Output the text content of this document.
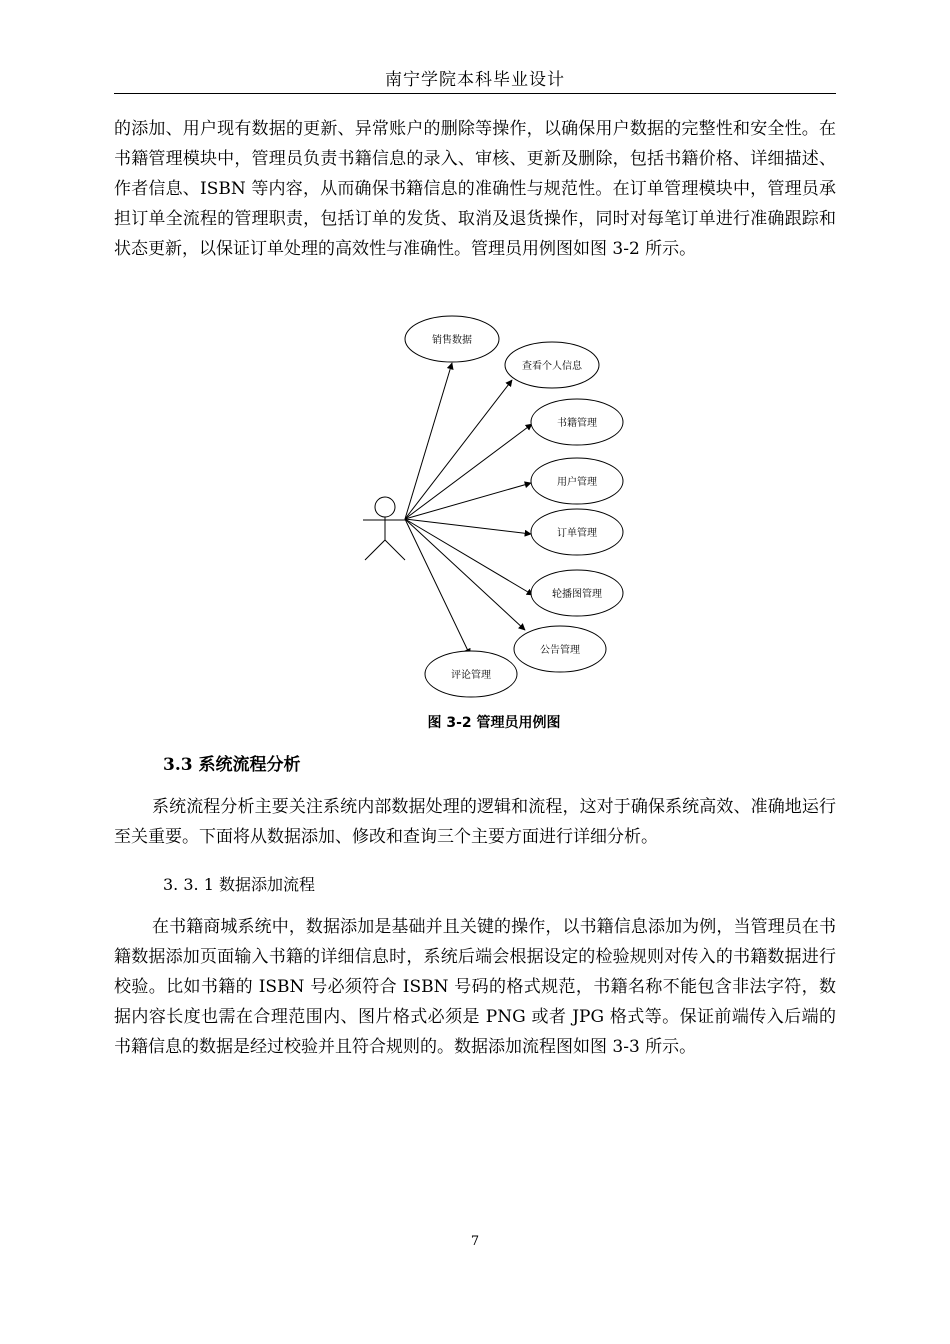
南宁学院本科毕业设计

的添加、用户现有数据的更新、异常账户的删除等操作，以确保用户数据的完整性和安全性。在书籍管理模块中，管理员负责书籍信息的录入、审核、更新及删除，包括书籍价格、详细描述、作者信息、ISBN 等内容，从而确保书籍信息的准确性与规范性。在订单管理模块中，管理员承担订单全流程的管理职责，包括订单的发货、取消及退货操作，同时对每笔订单进行准确跟踪和状态更新，以保证订单处理的高效性与准确性。管理员用例图如图 3-2 所示。

销售数据
查看个人信息
书籍管理
用户管理
订单管理
轮播图管理
公告管理
评论管理
图 3-2 管理员用例图
3.3 系统流程分析

系统流程分析主要关注系统内部数据处理的逻辑和流程，这对于确保系统高效、准确地运行至关重要。下面将从数据添加、修改和查询三个主要方面进行详细分析。

3. 3. 1 数据添加流程

在书籍商城系统中，数据添加是基础并且关键的操作，以书籍信息添加为例，当管理员在书籍数据添加页面输入书籍的详细信息时，系统后端会根据设定的检验规则对传入的书籍数据进行校验。比如书籍的 ISBN 号必须符合 ISBN 号码的格式规范，书籍名称不能包含非法字符，数据内容长度也需在合理范围内、图片格式必须是 PNG 或者 JPG 格式等。保证前端传入后端的书籍信息的数据是经过校验并且符合规则的。数据添加流程图如图 3-3 所示。

7
